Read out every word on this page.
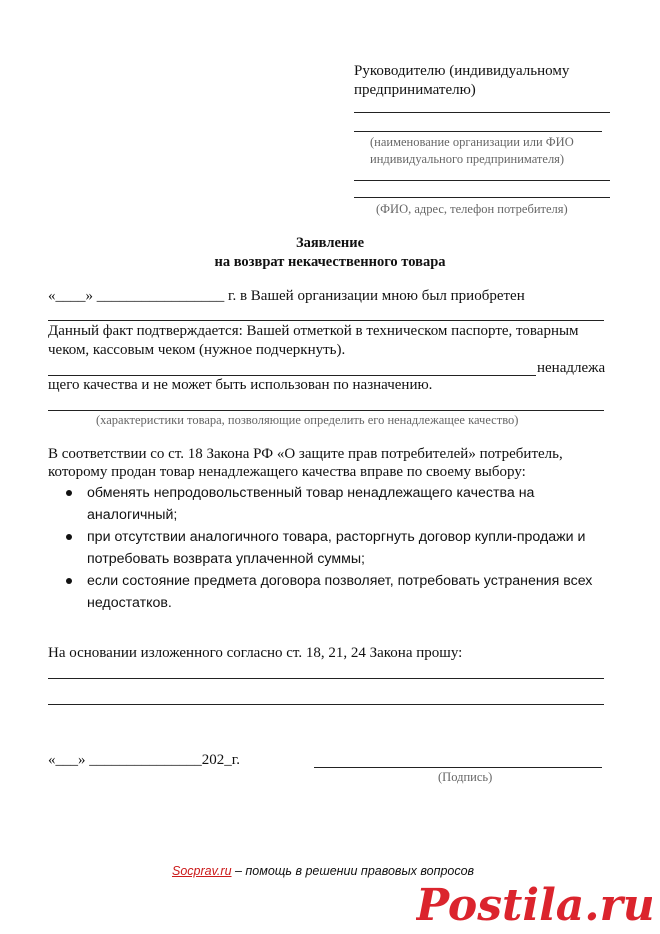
Руководителю (индивидуальному
предпринимателю)
(наименование организации или ФИО
индивидуального предпринимателя)
(ФИО, адрес, телефон потребителя)
Заявление
на возврат некачественного товара
«____» _________________ г. в Вашей организации мною был приобретен
Данный факт подтверждается: Вашей отметкой в техническом паспорте, товарным
чеком, кассовым чеком (нужное подчеркнуть).
ненадлежа
щего качества и не может быть использован по назначению.
(характеристики товара, позволяющие определить его ненадлежащее качество)
В соответствии со ст. 18 Закона РФ «О защите прав потребителей» потребитель,
которому продан товар ненадлежащего качества вправе по своему выбору:
обменять непродовольственный товар ненадлежащего качества на
аналогичный;
при отсутствии аналогичного товара, расторгнуть договор купли-продажи и
потребовать возврата уплаченной суммы;
если состояние предмета договора позволяет, потребовать устранения всех
недостатков.
На основании изложенного согласно ст. 18, 21, 24 Закона прошу:
«___» _______________202_г.
(Подпись)
Socprav.ru – помощь в решении правовых вопросов
Postila.ru
